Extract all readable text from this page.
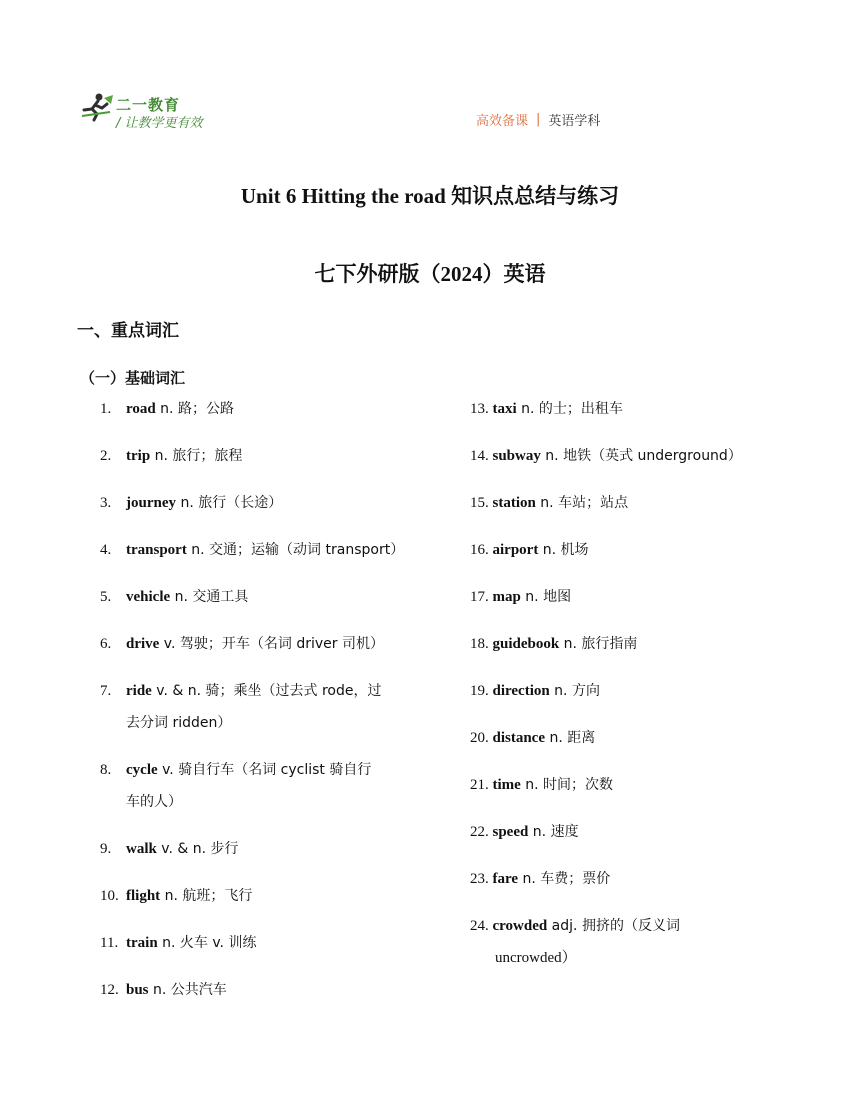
二一教育
/ 让教学更有效	高效备课 | 英语学科
Unit 6 Hitting the road 知识点总结与练习
七下外研版（2024）英语
一、重点词汇
（一）基础词汇
1. road n. 路；公路
2. trip n. 旅行；旅程
3. journey n. 旅行（长途）
4. transport n. 交通；运输（动词 transport）
5. vehicle n. 交通工具
6. drive v. 驾驶；开车（名词 driver 司机）
7. ride v. & n. 骑；乘坐（过去式 rode，过
去分词 ridden）
8. cycle v. 骑自行车（名词 cyclist 骑自行
车的人）
9. walk v. & n. 步行
10. flight n. 航班；飞行
11. train n. 火车 v. 训练
12. bus n. 公共汽车
13. taxi n. 的士；出租车
14. subway n. 地铁（英式 underground）
15. station n. 车站；站点
16. airport n. 机场
17. map n. 地图
18. guidebook n. 旅行指南
19. direction n. 方向
20. distance n. 距离
21. time n. 时间；次数
22. speed n. 速度
23. fare n. 车费；票价
24. crowded adj. 拥挤的（反义词
uncrowded）
